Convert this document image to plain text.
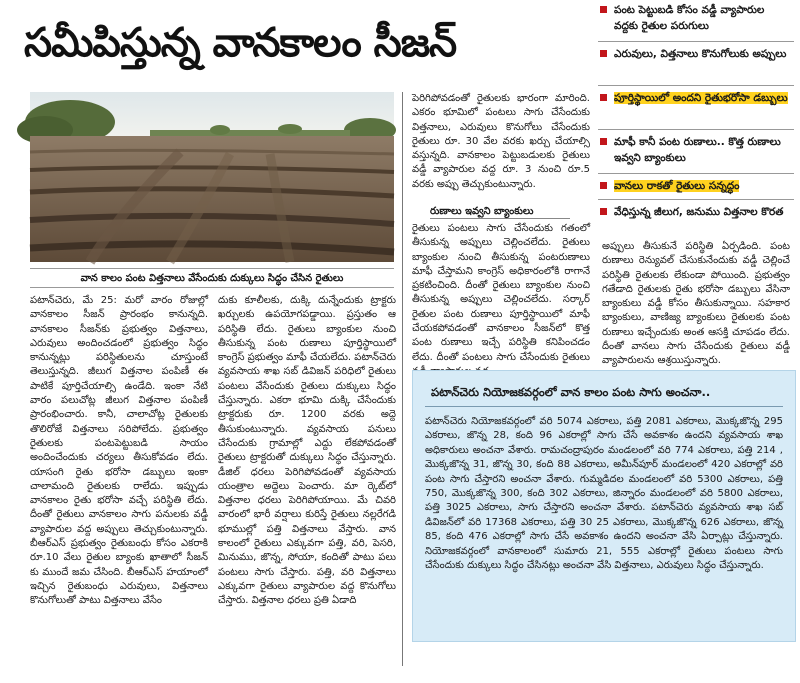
సమీపిస్తున్న వానకాలం సీజన్
వాన కాలం పంట విత్తనాలు వేసేందుకు దుక్కులు సిద్ధం చేసిన రైతులు

పటాన్‌చెరు, మే 25: మరో వారం రోజుల్లో వానకాలం సీజన్ ప్రారంభం కానున్నది. వానకాలం సీజన్‌కు ప్రభుత్వం విత్తనాలు, ఎరువులు అందించడంలో ప్రభుత్వం సిద్ధం కానున్నట్లు పరిస్థితులను చూస్తుంటే తెలుస్తున్నది. జీలుగ విత్తనాల పంపిణీ ఈ పాటికే పూర్తిచేయాల్సి ఉండేది. ఇంకా నేటి వారం పలుచోట్ల జీలుగ విత్తనాల పంపిణీ ప్రారంభించారు. కానీ, చాలాచోట్ల రైతులకు తొలిరోజే విత్తనాలు సరిపోలేదు. ప్రభుత్వం రైతులకు పంటపెట్టుబడి సాయం అందించేందుకు చర్యలు తీసుకోవడం లేదు. యాసంగి రైతు భరోసా డబ్బులు ఇంకా చాలామంది రైతులకు రాలేదు. ఇప్పుడు వానకాలం రైతు భరోసా వచ్చే పరిస్థితి లేదు. దీంతో రైతులు వానకాలం సాగు పనులకు వడ్డీ వ్యాపారుల వద్ద అప్పులు తెచ్చుకుంటున్నారు. బీఆర్‌ఎస్ ప్రభుత్వం రైతుబంధు కోసం ఎకరాకి రూ.10 వేలు రైతుల బ్యాంకు ఖాతాలో సీజన్ కు ముందే జమ చేసింది. బీఆర్‌ఎస్ హయాంలో ఇచ్చిన రైతుబంధు ఎరువులు, విత్తనాలు కొనుగోలుతో పాటు విత్తనాలు వేసేం

దుకు కూలీలకు, దుక్కి దున్నేందుకు ట్రాక్టరు ఖర్చులకు ఉపయోగపడ్డాయి. ప్రస్తుతం ఆ పరిస్థితి లేదు. రైతులు బ్యాంకుల నుంచి తీసుకున్న పంట రుణాలు పూర్తిస్థాయిలో కాంగ్రెస్ ప్రభుత్వం మాఫీ చేయలేదు. పటాన్‌చెరు వ్యవసాయ శాఖ సబ్ డివిజన్ పరిధిలో రైతులు పంటలు వేసేందుకు రైతులు దుక్కులు సిద్ధం చేస్తున్నారు. ఎకరా భూమి దుక్కి చేసేందుకు ట్రాక్టరుకు రూ. 1200 వరకు అద్దె తీసుకుంటున్నారు. వ్యవసాయ పనులు చేసేందుకు గ్రామాల్లో ఎద్దు లేకపోవడంతో రైతులు ట్రాక్టరుతో దుక్కులు సిద్ధం చేస్తున్నారు. డీజిల్ ధరలు పెరిగిపోవడంతో వ్యవసాయ యంత్రాల అద్దెలు పెంచారు. మా ర్కెట్‌లో విత్తనాల ధరలు పెరిగిపోయాయి. మే చివరి వారంలో భారీ వర్షాలు కురిస్తే రైతులు నల్లరేగడి భూముల్లో పత్తి విత్తనాలు వేస్తారు. వాన కాలంలో రైతులు ఎక్కువగా పత్తి, వరి, పెసరి, మినుము, జొన్న, సోయా, కందితో పాటు పలు పంటలు సాగు చేస్తారు. పత్తి, వరి విత్తనాలు ఎక్కువగా రైతులు వ్యాపారుల వద్ద కొనుగోలు చేస్తారు. విత్తనాల ధరలు ప్రతి ఏడాది

పెరిగిపోవడంతో రైతులకు భారంగా మారింది. ఎకరం భూమిలో పంటలు సాగు చేసేందుకు విత్తనాలు, ఎరువులు కొనుగోలు చేసేందుకు రైతులు రూ. 30 వేల వరకు ఖర్చు చేయాల్సి వస్తున్నది. వానకాలం పెట్టుబడులకు రైతులు వడ్డీ వ్యాపారుల వద్ద రూ. 3 నుంచి రూ.5 వరకు అప్పు తెచ్చుకుంటున్నారు.

రుణాలు ఇవ్వని బ్యాంకులు

రైతులు పంటలు సాగు చేసేందుకు గతంలో తీసుకున్న అప్పులు చెల్లించలేదు. రైతులు బ్యాంకుల నుంచి తీసుకున్న పంటరుణాలు మాఫీ చేస్తామని కాంగ్రెస్ అధికారంలోకి రాగానే ప్రకటించింది. దీంతో రైతులు బ్యాంకుల నుంచి తీసుకున్న అప్పులు చెల్లించలేదు. సర్కార్ రైతుల పంట రుణాలు పూర్తిస్థాయిలో మాఫీ చేయకపోవడంతో వానకాలం సీజన్‌లో కొత్త పంట రుణాలు ఇచ్చే పరిస్థితి కనిపించడం లేదు. దీంతో పంటలు సాగు చేసేందుకు రైతులు

అప్పులు తీసుకునే పరిస్థితి ఏర్పడింది. పంట రుణాలు రెన్యువల్ చేసుకునేందుకు వడ్డీ చెల్లించే పరిస్థితి రైతులకు లేకుండా పోయింది. ప్రభుత్వం గతేడాది రైతులకు రైతు భరోసా డబ్బులు వేసినా బ్యాంకులు వడ్డీ కోసం తీసుకున్నాయి. సహకార బ్యాంకులు, వాణిజ్య బ్యాంకులు రైతులకు పంట రుణాలు ఇచ్చేందుకు అంత ఆసక్తి చూపడం లేదు. దీంతో వానలు సాగు చేసేందుకు రైతులు వడ్డీ వ్యాపారులను ఆశ్రయిస్తున్నారు.

పంట పెట్టుబడి కోసం వడ్డీ వ్యాపారుల వద్దకు రైతుల పరుగులు
ఎరువులు, విత్తనాలు కొనుగోలుకు అప్పులు
పూర్తిస్థాయిలో అందని రైతుభరోసా డబ్బులు
మాఫీ కానీ పంట రుణాలు.. కొత్త రుణాలు ఇవ్వని బ్యాంకులు
వానలు రాకతో రైతులు సన్నద్ధం
వేధిస్తున్న జీలుగ, జనుము విత్తనాల కొరత
పటాన్‌చెరు నియోజకవర్గంలో వాన కాలం పంట సాగు అంచనా..
పటాన్‌చెరు నియోజకవర్గంలో వరి 5074 ఎకరాలు, పత్తి 2081 ఎకరాలు, మొక్కజొన్న 295 ఎకరాలు, జొన్న 28, కంది 96 ఎకరాల్లో సాగు చేసే అవకాశం ఉందని వ్యవసాయ శాఖ అధికారులు అంచనా వేశారు. రామచంద్రాపురం మండలంలో వరి 774 ఎకరాలు, పత్తి 214 , మొక్కజొన్న 31, జొన్న 30, కంది 88 ఎకరాలు, అమీన్‌పూర్ మండలంలో 420 ఎకరాల్లో వరి పంట సాగు చేస్తారని అంచనా వేశారు. గుమ్మడిదల మండలంలో వరి 5300 ఎకరాలు, పత్తి 750, మొక్కజొన్న 300, కంది 302 ఎకరాలు, జిన్నారం మండలంలో వరి 5800 ఎకరాలు, పత్తి 3025 ఎకరాలు, సాగు చేస్తారని అంచనా వేశారు. పటాన్‌చెరు వ్యవసాయ శాఖ సబ్ డివిజన్‌లో వరి 17368 ఎకరాలు, పత్తి 30 25 ఎకరాలు, మొక్కజొన్న 626 ఎకరాలు, జొన్న 85, కంది 476 ఎకరాల్లో సాగు చేసే అవకాశం ఉందని అంచనా వేసి ఏర్పాట్లు చేస్తున్నారు. నియోజకవర్గంలో వానకాలంలో సుమారు 21, 555 ఎకరాల్లో రైతులు పంటలు సాగు చేసేందుకు దుక్కులు సిద్ధం చేసినట్లు అంచనా వేసి విత్తనాలు, ఎరువులు సిద్ధం చేస్తున్నారు.
